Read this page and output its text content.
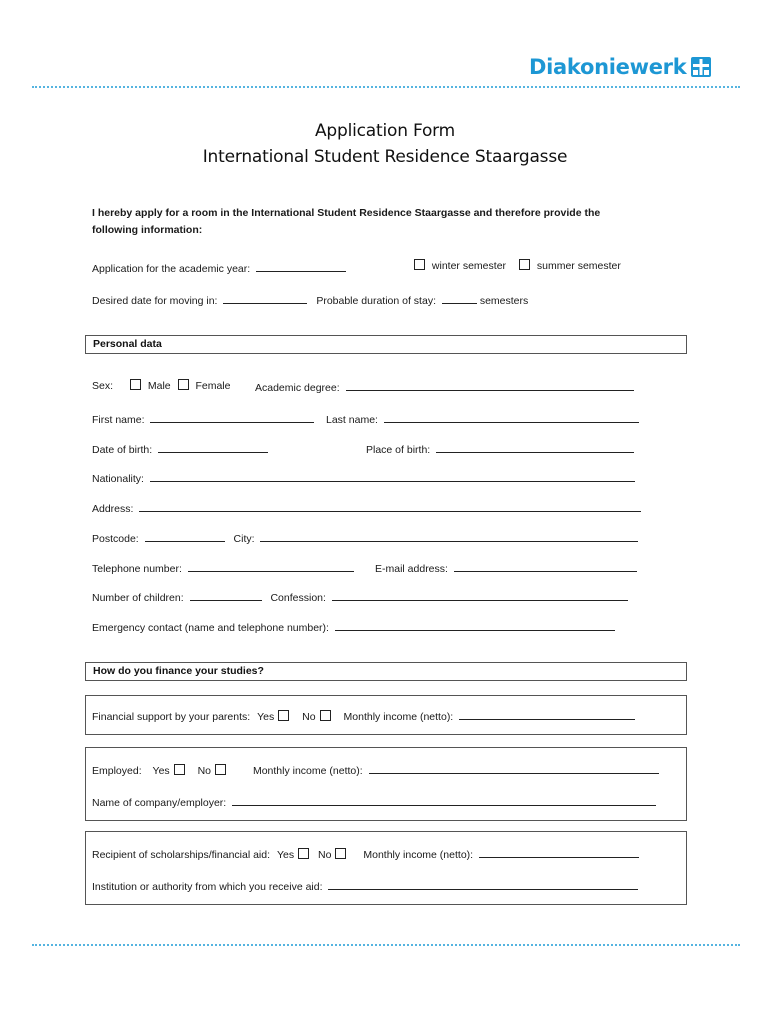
Diakoniewerk
Application Form
International Student Residence Staargasse
I hereby apply for a room in the International Student Residence Staargasse and therefore provide the
following information:
Application for the academic year:	winter semester	summer semester
Desired date for moving in:	Probable duration of stay:	semesters
Personal data
Sex:	Male Female Academic degree:
First name:	Last name:
Date of birth:	Place of birth:
Nationality:
Address:
Postcode:	City:
Telephone number:	E-mail address:
Number of children:	Confession:
Emergency contact (name and telephone number):
How do you finance your studies?
Financial support by your parents: Yes	No	Monthly income (netto):
Employed: Yes	No	Monthly income (netto):
Name of company/employer:
Recipient of scholarships/financial aid: Yes No	Monthly income (netto):
Institution or authority from which you receive aid:
